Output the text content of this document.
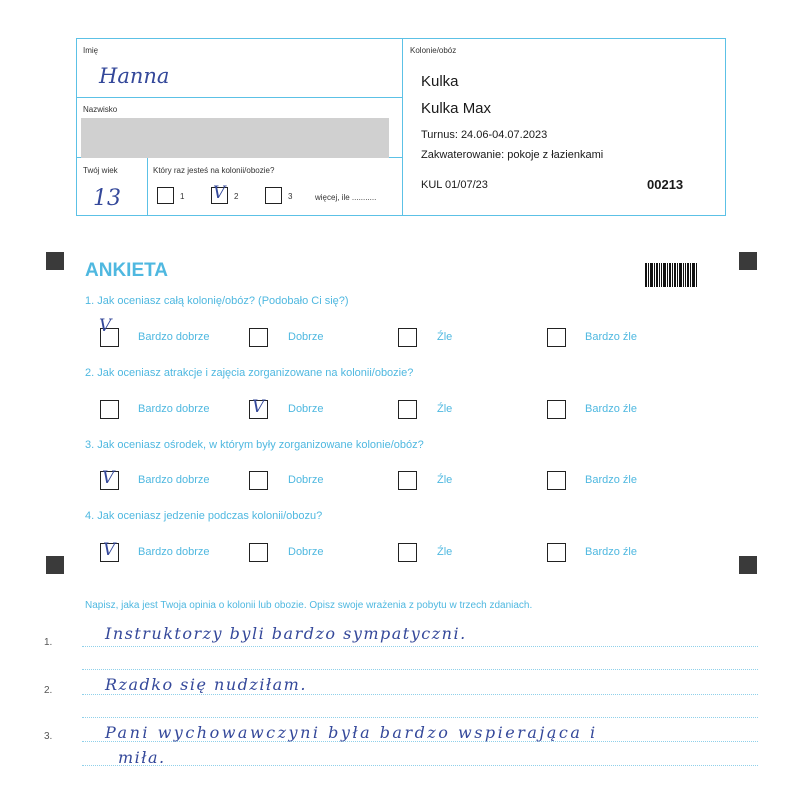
Imię
Hanna
Nazwisko
Twój wiek
13
Który raz jesteś na kolonii/obozie?
1 V 2	3	więcej, ile ...........
Kolonie/obóz
Kulka
Kulka Max
Turnus: 24.06-04.07.2023
Zakwaterowanie: pokoje z łazienkami
KUL 01/07/23	00213
ANKIETA
1. Jak oceniasz całą kolonię/obóz? (Podobało Ci się?)
V
Bardzo dobrze	Dobrze	Źle	Bardzo źle
2. Jak oceniasz atrakcje i zajęcia zorganizowane na kolonii/obozie?
Bardzo dobrze V Dobrze	Źle	Bardzo źle
3. Jak oceniasz ośrodek, w którym były zorganizowane kolonie/obóz?
V Bardzo dobrze	Dobrze	Źle	Bardzo źle
4. Jak oceniasz jedzenie podczas kolonii/obozu?
V Bardzo dobrze	Dobrze	Źle	Bardzo źle
Napisz, jaka jest Twoja opinia o kolonii lub obozie. Opisz swoje wrażenia z pobytu w trzech zdaniach.
1.
2.
3.
Instruktorzy byli bardzo sympatyczni.
Rzadko się nudziłam.
Pani wychowawczyni była bardzo wspierająca i
miła.
